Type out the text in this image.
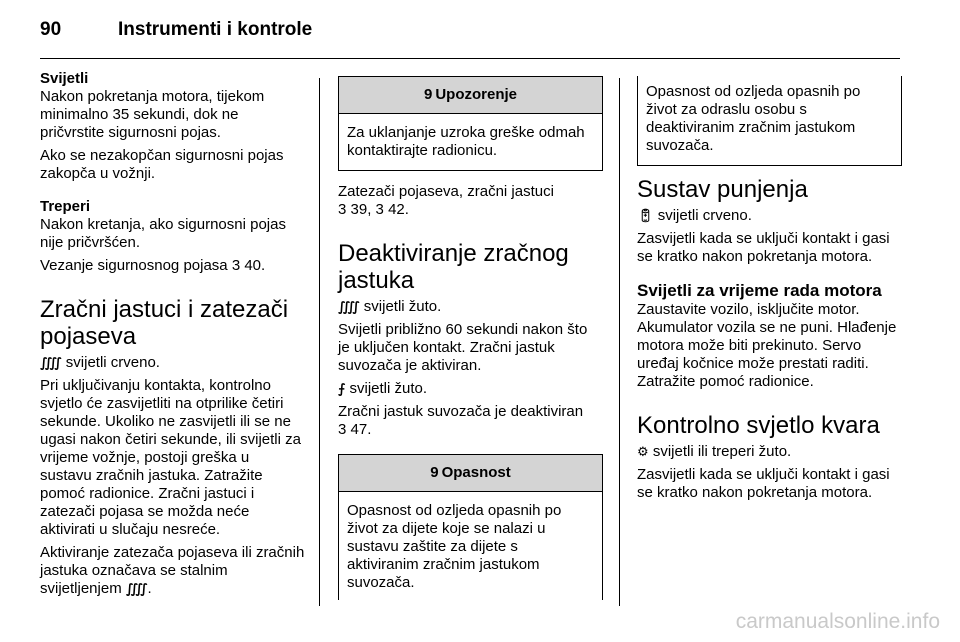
90	Instrumenti i kontrole

Svijetli

Nakon pokretanja motora, tijekom minimalno 35 sekundi, dok ne pričvrstite sigurnosni pojas.

Ako se nezakopčan sigurnosni pojas zakopča u vožnji.

Treperi

Nakon kretanja, ako sigurnosni pojas nije pričvršćen.

Vezanje sigurnosnog pojasa 3 40.

Zračni jastuci i zatezači pojaseva

⨌ svijetli crveno.

Pri uključivanju kontakta, kontrolno svjetlo će zasvijetliti na otprilike četiri sekunde. Ukoliko ne zasvijetli ili se ne ugasi nakon četiri sekunde, ili svijetli za vrijeme vožnje, postoji greška u sustavu zračnih jastuka. Zatražite pomoć radionice. Zračni jastuci i zatezači pojasa se možda neće aktivirati u slučaju nesreće.

Aktiviranje zatezača pojaseva ili zračnih jastuka označava se stalnim svijetljenjem ⨌.

9 Upozorenje
Za uklanjanje uzroka greške odmah kontaktirajte radionicu.

Zatezači pojaseva, zračni jastuci
3 39, 3 42.

Deaktiviranje zračnog jastuka

⨌ svijetli žuto.

Svijetli približno 60 sekundi nakon što je uključen kontakt. Zračni jastuk suvozača je aktiviran.

⨍ svijetli žuto.

Zračni jastuk suvozača je deaktiviran
3 47.

9 Opasnost
Opasnost od ozljeda opasnih po život za dijete koje se nalazi u sustavu zaštite za dijete s aktiviranim zračnim jastukom suvozača.
Opasnost od ozljeda opasnih po život za odraslu osobu s deaktiviranim zračnim jastukom suvozača.
Sustav punjenja

🔋︎ svijetli crveno.

Zasvijetli kada se uključi kontakt i gasi se kratko nakon pokretanja motora.

Svijetli za vrijeme rada motora

Zaustavite vozilo, isključite motor. Akumulator vozila se ne puni. Hlađenje motora može biti prekinuto. Servo uređaj kočnice može prestati raditi. Zatražite pomoć radionice.

Kontrolno svjetlo kvara

⚙ svijetli ili treperi žuto.

Zasvijetli kada se uključi kontakt i gasi se kratko nakon pokretanja motora.

carmanualsonline.info
